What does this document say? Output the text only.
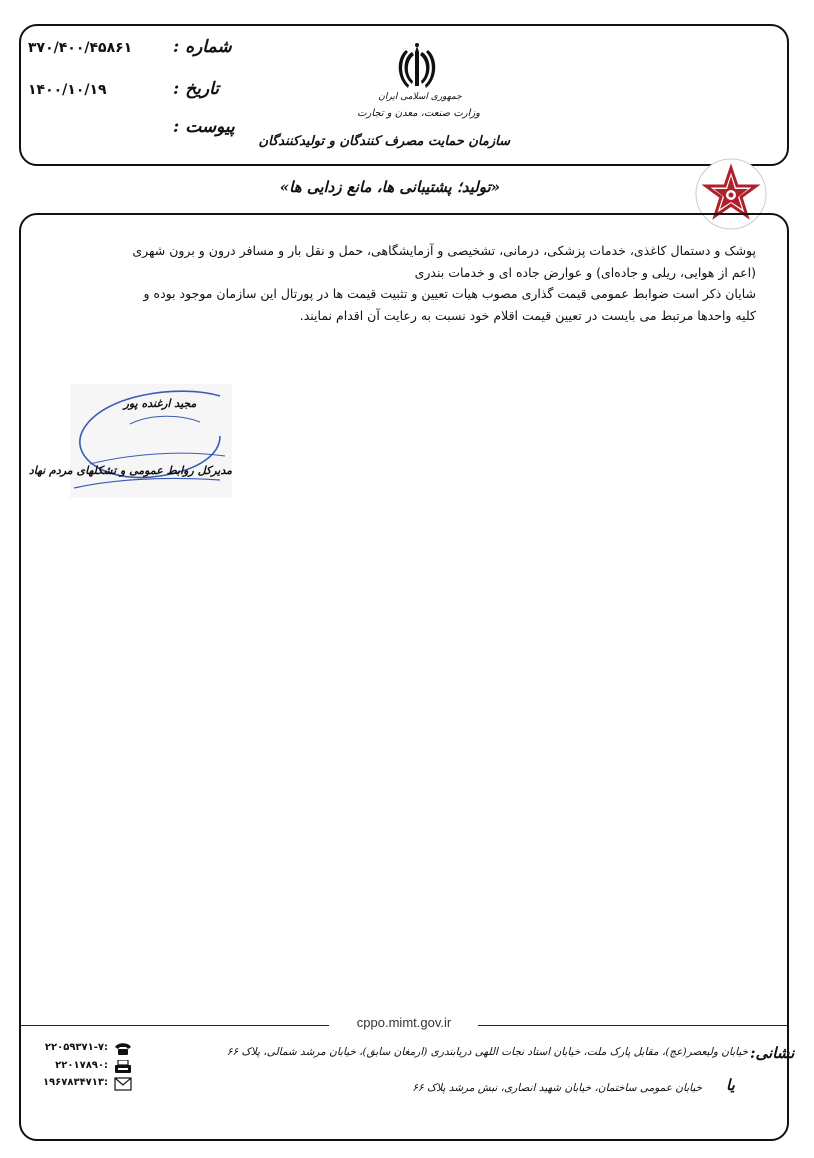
۳۷۰/۴۰۰/۴۵۸۶۱ شماره :
۱۴۰۰/۱۰/۱۹	تاریخ :
پیوست :
جمهوری اسلامی ایران
وزارت صنعت، معدن و تجارت
سازمان حمایت مصرف کنندگان و تولیدکنندگان
«تولید؛ پشتیبانی ها، مانع زدایی ها»

پوشک و دستمال کاغذی، خدمات پزشکی، درمانی، تشخیصی و آزمایشگاهی، حمل و نقل بار و مسافر درون و برون شهری

(اعم از هوایی، ریلی و جاده‌ای) و عوارض جاده ای و خدمات بندری

شایان ذکر است ضوابط عمومی قیمت گذاری مصوب هیات تعیین و تثبیت قیمت ها در پورتال این سازمان موجود بوده و

کلیه واحدها مرتبط می بایست در تعیین قیمت اقلام خود نسبت به رعایت آن اقدام نمایند.

مجید ارغنده پور
مدیرکل روابط عمومی و تشکلهای مردم نهاد
cppo.mimt.gov.ir
۲۲۰۵۹۳۷۱-۷:
۲۲۰۱۷۸۹۰:
۱۹۶۷۸۳۴۷۱۳:
نشانی:
خیابان ولیعصر(عج)، مقابل پارک ملت، خیابان استاد نجات اللهی دریابندری (ارمغان سابق)، خیابان مرشد شمالی، پلاک ۶۶
یا
خیابان عمومی ساختمان، خیابان شهید انصاری، نبش مرشد پلاک ۶۶
